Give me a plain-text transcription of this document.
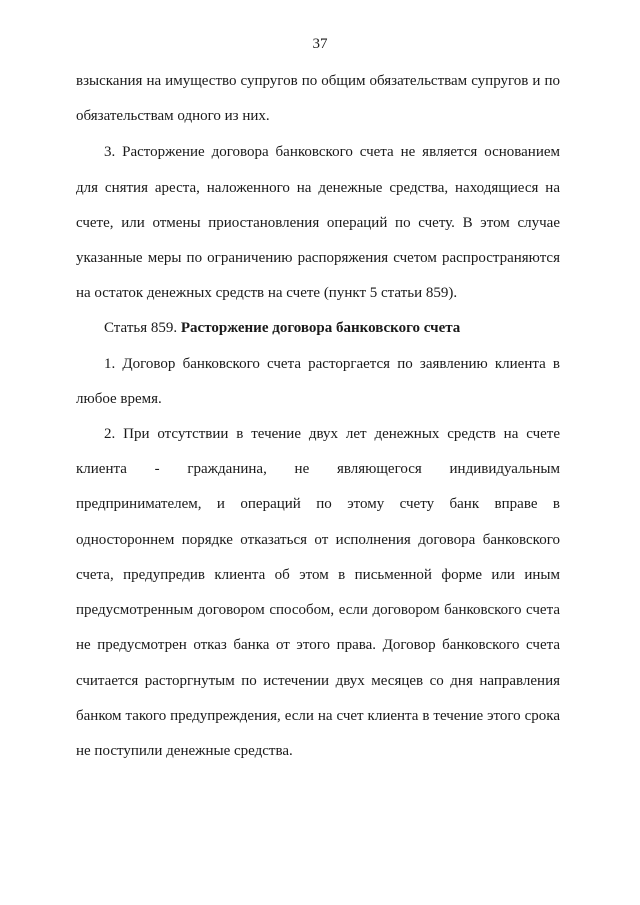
37
взыскания на имущество супругов по общим обязательствам супругов и по
обязательствам одного из них.
3. Расторжение договора банковского счета не является основанием
для снятия ареста, наложенного на денежные средства, находящиеся на
счете, или отмены приостановления операций по счету. В этом случае
указанные меры по ограничению распоряжения счетом распространяются
на остаток денежных средств на счете (пункт 5 статьи 859).
Статья 859. Расторжение договора банковского счета
1. Договор банковского счета расторгается по заявлению клиента в
любое время.
2. При отсутствии в течение двух лет денежных средств на счете
клиента - гражданина, не являющегося индивидуальным
предпринимателем, и операций по этому счету банк вправе в
одностороннем порядке отказаться от исполнения договора банковского
счета, предупредив клиента об этом в письменной форме или иным
предусмотренным договором способом, если договором банковского счета
не предусмотрен отказ банка от этого права. Договор банковского счета
считается расторгнутым по истечении двух месяцев со дня направления
банком такого предупреждения, если на счет клиента в течение этого срока
не поступили денежные средства.
